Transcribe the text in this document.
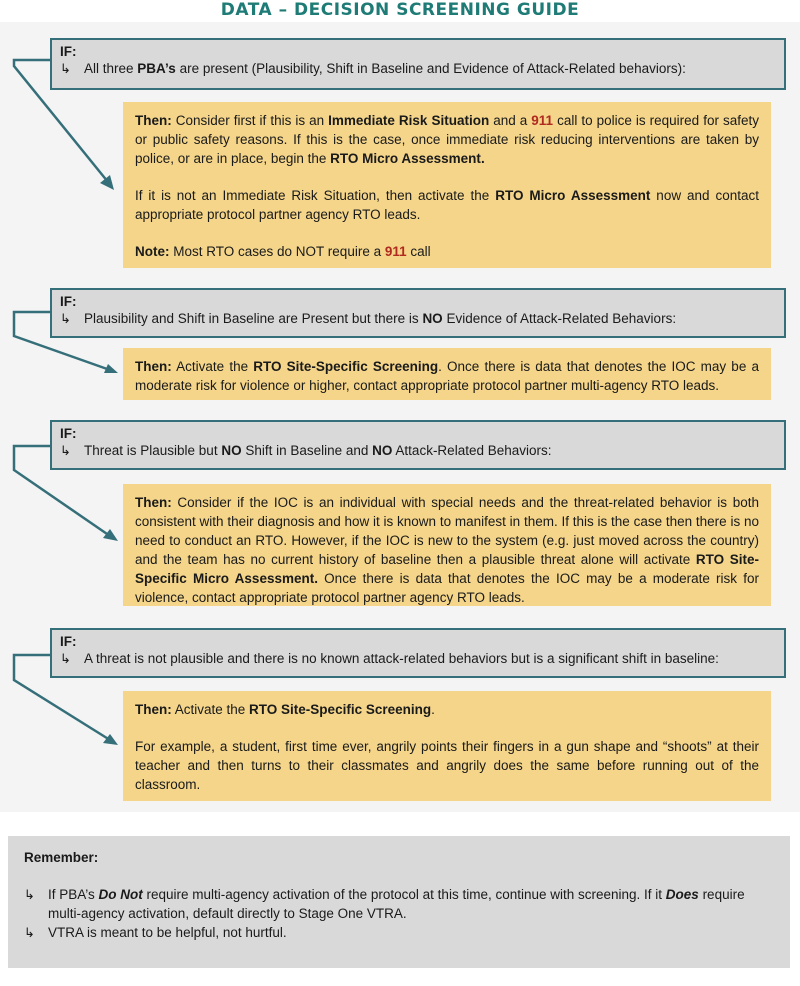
DATA – DECISION SCREENING GUIDE
IF:
↳ All three PBA’s are present (Plausibility, Shift in Baseline and Evidence of Attack-Related behaviors):

Then: Consider first if this is an Immediate Risk Situation and a 911 call to police is required for safety or public safety reasons. If this is the case, once immediate risk reducing interventions are taken by police, or are in place, begin the RTO Micro Assessment.

If it is not an Immediate Risk Situation, then activate the RTO Micro Assessment now and contact appropriate protocol partner agency RTO leads.

Note: Most RTO cases do NOT require a 911 call

IF:
↳ Plausibility and Shift in Baseline are Present but there is NO Evidence of Attack-Related Behaviors:

Then: Activate the RTO Site-Specific Screening. Once there is data that denotes the IOC may be a moderate risk for violence or higher, contact appropriate protocol partner multi-agency RTO leads.

IF:
↳ Threat is Plausible but NO Shift in Baseline and NO Attack-Related Behaviors:

Then: Consider if the IOC is an individual with special needs and the threat-related behavior is both consistent with their diagnosis and how it is known to manifest in them. If this is the case then there is no need to conduct an RTO. However, if the IOC is new to the system (e.g. just moved across the country) and the team has no current history of baseline then a plausible threat alone will activate RTO Site-Specific Micro Assessment. Once there is data that denotes the IOC may be a moderate risk for violence, contact appropriate protocol partner agency RTO leads.

IF:
↳ A threat is not plausible and there is no known attack-related behaviors but is a significant shift in baseline:

Then: Activate the RTO Site-Specific Screening.

For example, a student, first time ever, angrily points their fingers in a gun shape and “shoots” at their teacher and then turns to their classmates and angrily does the same before running out of the classroom.

Remember:
↳ If PBA’s Do Not require multi-agency activation of the protocol at this time, continue with screening. If it Does require multi-agency activation, default directly to Stage One VTRA.
↳ VTRA is meant to be helpful, not hurtful.
